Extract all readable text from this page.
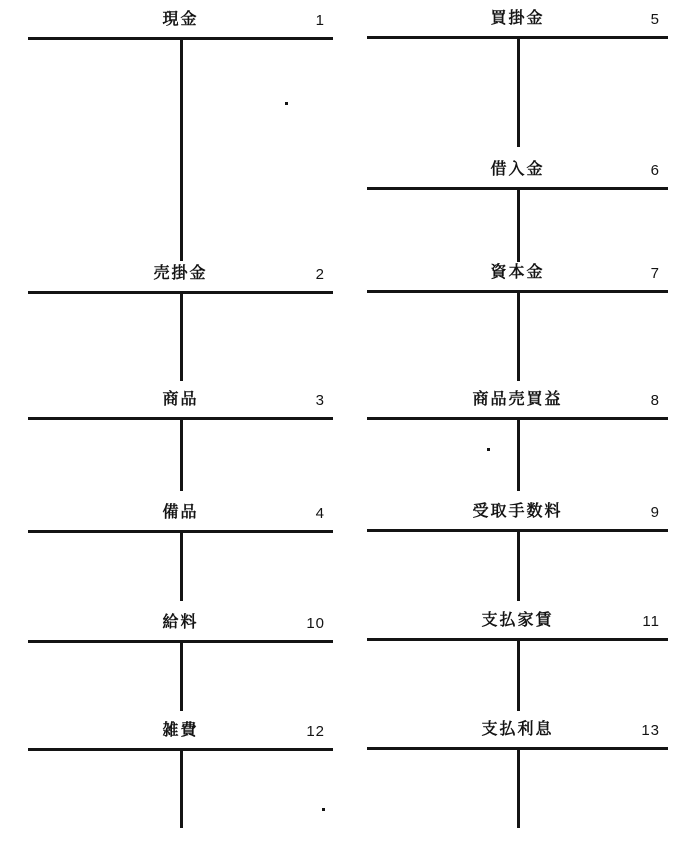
現金	1
売掛金	2
商品	3
備品	4
給料	10
雑費	12
買掛金	5
借入金	6
資本金	7
商品売買益	8
受取手数料	9
支払家賃	11
支払利息	13
